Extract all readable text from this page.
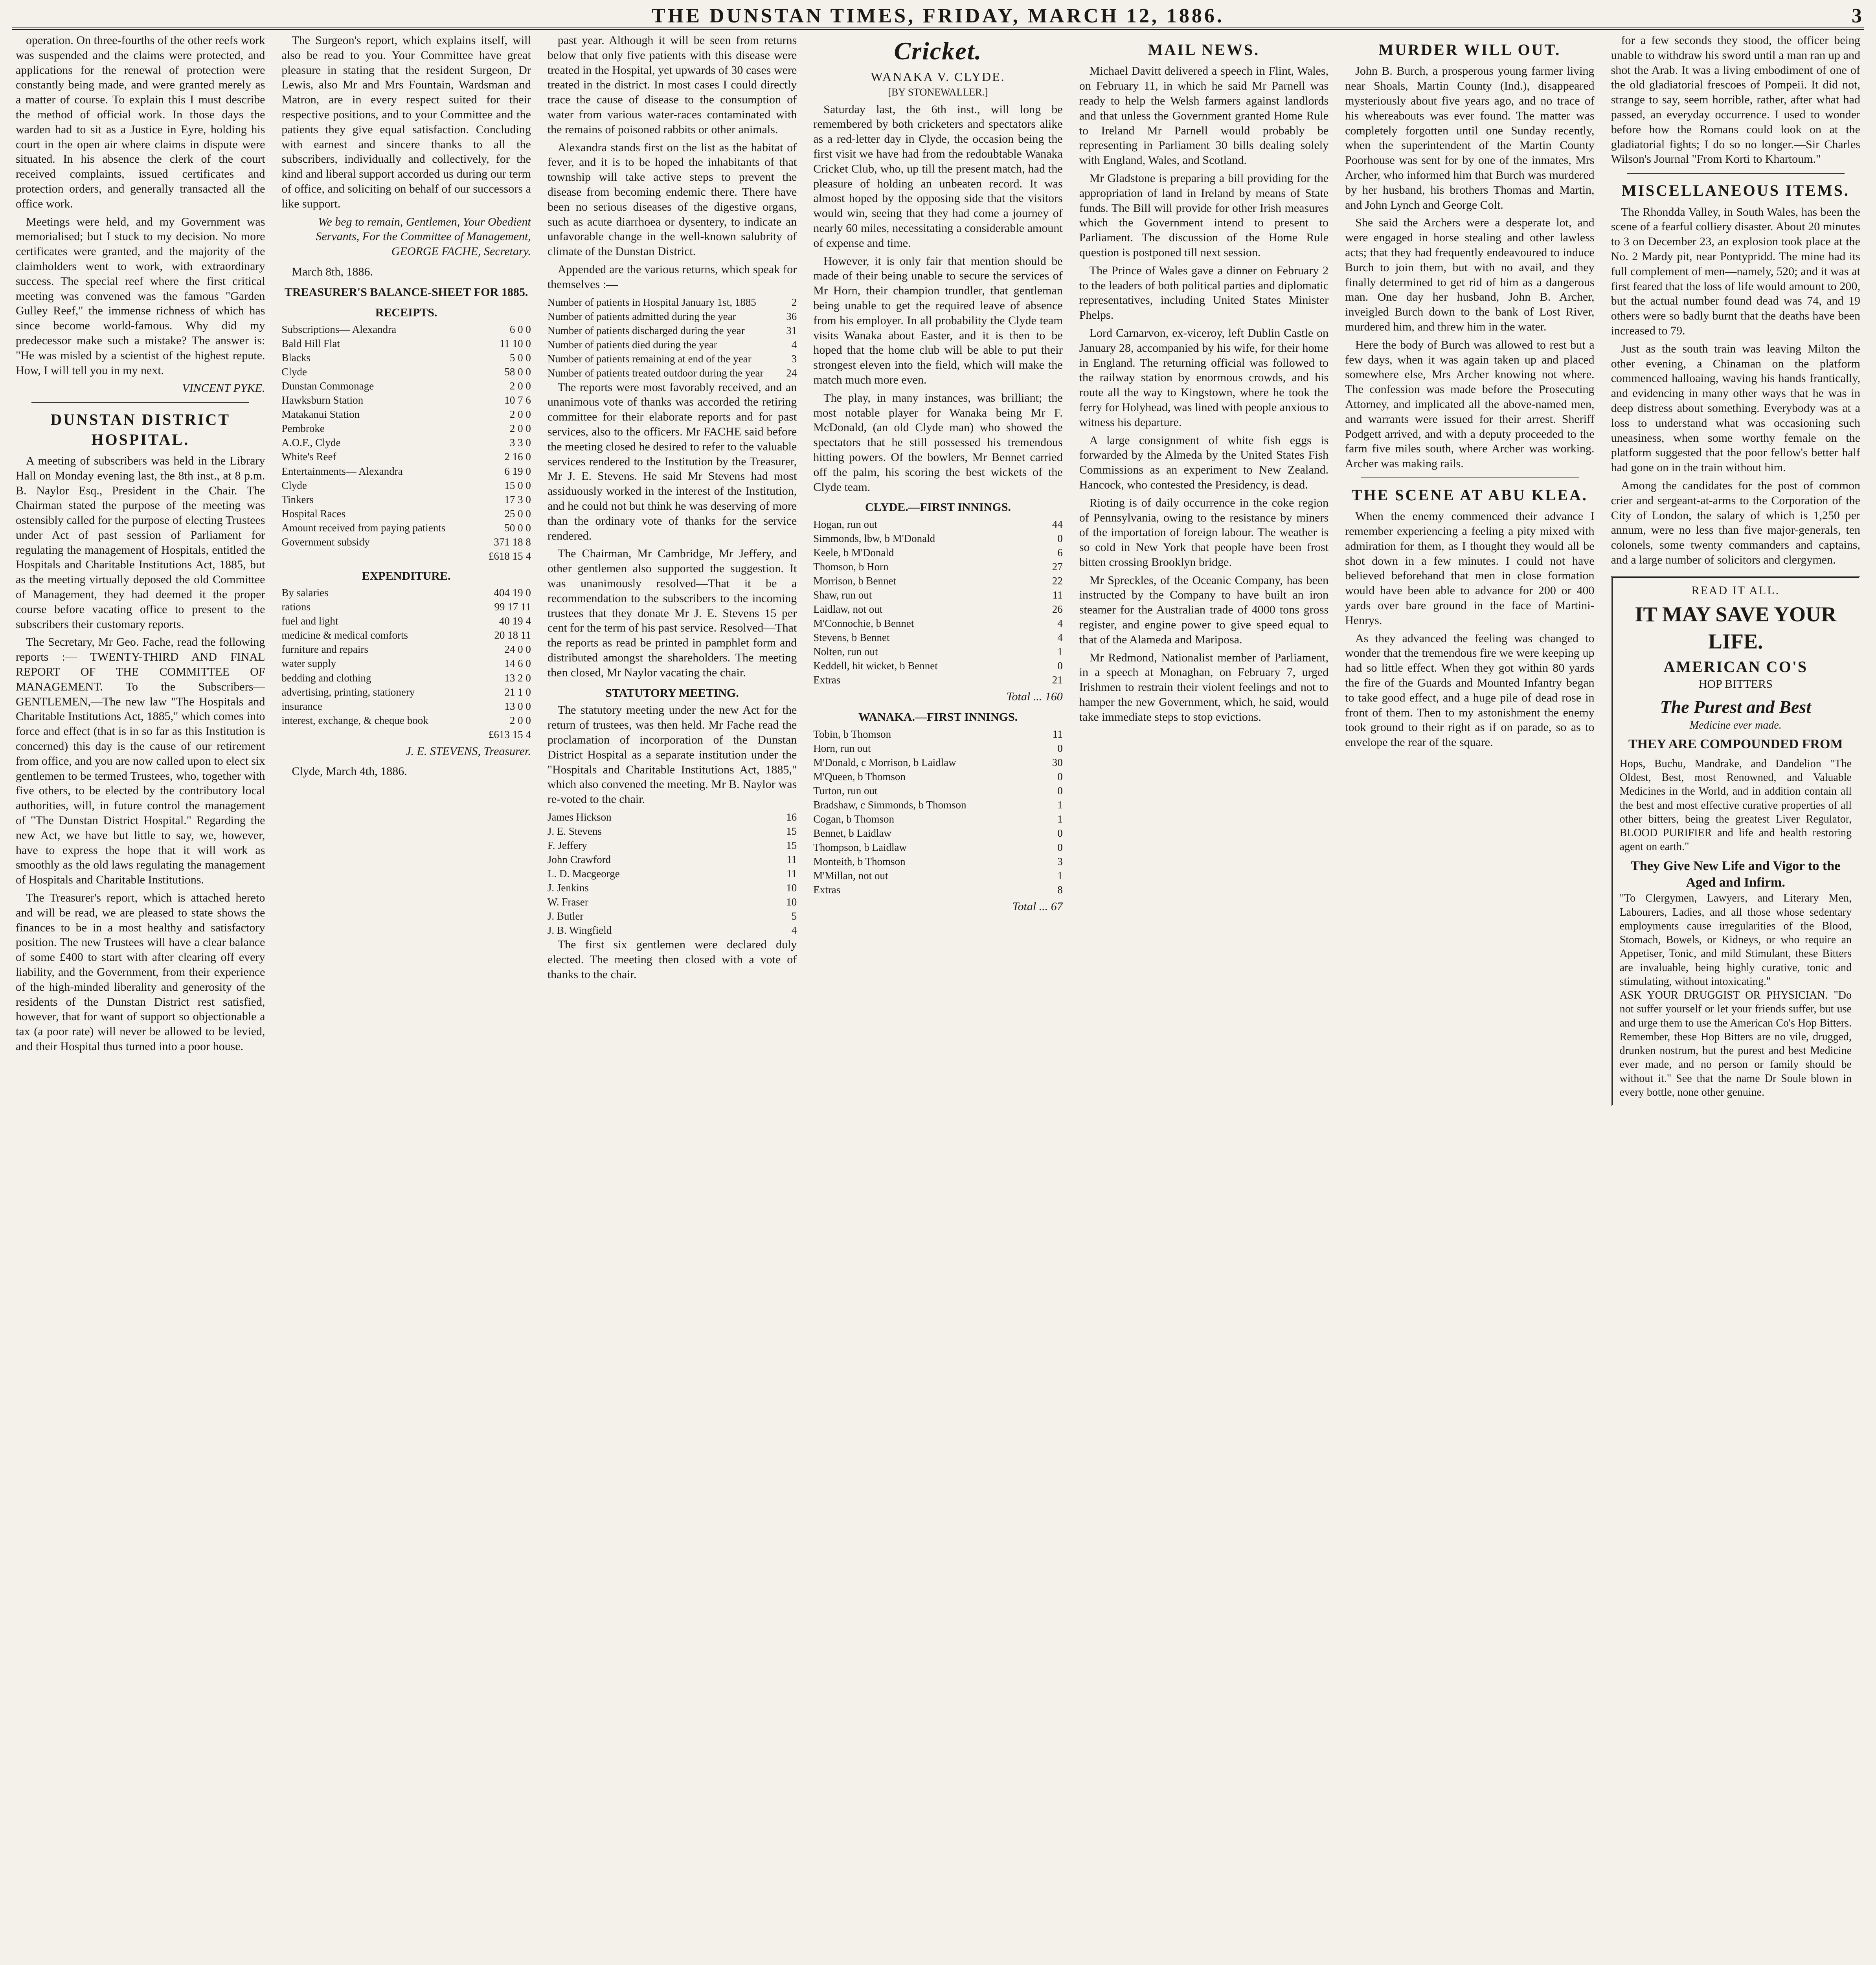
THE DUNSTAN TIMES, FRIDAY, MARCH 12, 1886.	3

operation. On three-fourths of the other reefs work was suspended and the claims were protected, and applications for the renewal of protection were constantly being made, and were granted merely as a matter of course. To explain this I must describe the method of official work. In those days the warden had to sit as a Justice in Eyre, holding his court in the open air where claims in dispute were situated. In his absence the clerk of the court received complaints, issued certificates and protection orders, and generally transacted all the office work.

Meetings were held, and my Government was memorialised; but I stuck to my decision. No more certificates were granted, and the majority of the claimholders went to work, with extraordinary success. The special reef where the first critical meeting was convened was the famous "Garden Gulley Reef," the immense richness of which has since become world-famous. Why did my predecessor make such a mistake? The answer is: "He was misled by a scientist of the highest repute. How, I will tell you in my next.

VINCENT PYKE.

DUNSTAN DISTRICT HOSPITAL.

A meeting of subscribers was held in the Library Hall on Monday evening last, the 8th inst., at 8 p.m. B. Naylor Esq., President in the Chair. The Chairman stated the purpose of the meeting was ostensibly called for the purpose of electing Trustees under Act of past session of Parliament for regulating the management of Hospitals, entitled the Hospitals and Charitable Institutions Act, 1885, but as the meeting virtually deposed the old Committee of Management, they had deemed it the proper course before vacating office to present to the subscribers their customary reports.

The Secretary, Mr Geo. Fache, read the following reports :— TWENTY-THIRD AND FINAL REPORT OF THE COMMITTEE OF MANAGEMENT. To the Subscribers— GENTLEMEN,—The new law "The Hospitals and Charitable Institutions Act, 1885," which comes into force and effect (that is in so far as this Institution is concerned) this day is the cause of our retirement from office, and you are now called upon to elect six gentlemen to be termed Trustees, who, together with five others, to be elected by the contributory local authorities, will, in future control the management of "The Dunstan District Hospital." Regarding the new Act, we have but little to say, we, however, have to express the hope that it will work as smoothly as the old laws regulating the management of Hospitals and Charitable Institutions.

The Treasurer's report, which is attached hereto and will be read, we are pleased to state shows the finances to be in a most healthy and satisfactory position. The new Trustees will have a clear balance of some £400 to start with after clearing off every liability, and the Government, from their experience of the high-minded liberality and generosity of the residents of the Dunstan District rest satisfied, however, that for want of support so objectionable a tax (a poor rate) will never be allowed to be levied, and their Hospital thus turned into a poor house.

The Surgeon's report, which explains itself, will also be read to you. Your Committee have great pleasure in stating that the resident Surgeon, Dr Lewis, also Mr and Mrs Fountain, Wardsman and Matron, are in every respect suited for their respective positions, and to your Committee and the patients they give equal satisfaction. Concluding with earnest and sincere thanks to all the subscribers, individually and collectively, for the kind and liberal support accorded us during our term of office, and soliciting on behalf of our successors a like support.

We beg to remain, Gentlemen, Your Obedient Servants, For the Committee of Management, GEORGE FACHE, Secretary.

March 8th, 1886.

TREASURER'S BALANCE-SHEET FOR 1885.

RECEIPTS.

Subscriptions— Alexandra	6 0 0
Bald Hill Flat	11 10 0
Blacks	5 0 0
Clyde	58 0 0
Dunstan Commonage	2 0 0
Hawksburn Station	10 7 6
Matakanui Station	2 0 0
Pembroke	2 0 0
A.O.F., Clyde	3 3 0
White's Reef	2 16 0
Entertainments— Alexandra	6 19 0
Clyde	15 0 0
Tinkers	17 3 0
Hospital Races	25 0 0
Amount received from paying patients	50 0 0
Government subsidy	371 18 8
	£618 15 4

EXPENDITURE.

By salaries	404 19 0
rations	99 17 11
fuel and light	40 19 4
medicine & medical comforts	20 18 11
furniture and repairs	24 0 0
water supply	14 6 0
bedding and clothing	13 2 0
advertising, printing, stationery	21 1 0
insurance	13 0 0
interest, exchange, & cheque book	2 0 0
	£613 15 4

J. E. STEVENS, Treasurer.

Clyde, March 4th, 1886.

past year. Although it will be seen from returns below that only five patients with this disease were treated in the Hospital, yet upwards of 30 cases were treated in the district. In most cases I could directly trace the cause of disease to the consumption of water from various water-races contaminated with the remains of poisoned rabbits or other animals.

Alexandra stands first on the list as the habitat of fever, and it is to be hoped the inhabitants of that township will take active steps to prevent the disease from becoming endemic there. There have been no serious diseases of the digestive organs, such as acute diarrhoea or dysentery, to indicate an unfavorable change in the well-known salubrity of climate of the Dunstan District.

Appended are the various returns, which speak for themselves :—

Number of patients in Hospital January 1st, 1885	2
Number of patients admitted during the year	36
Number of patients discharged during the year	31
Number of patients died during the year	4
Number of patients remaining at end of the year	3
Number of patients treated outdoor during the year	24

The reports were most favorably received, and an unanimous vote of thanks was accorded the retiring committee for their elaborate reports and for past services, also to the officers. Mr FACHE said before the meeting closed he desired to refer to the valuable services rendered to the Institution by the Treasurer, Mr J. E. Stevens. He said Mr Stevens had most assiduously worked in the interest of the Institution, and he could not but think he was deserving of more than the ordinary vote of thanks for the service rendered.

The Chairman, Mr Cambridge, Mr Jeffery, and other gentlemen also supported the suggestion. It was unanimously resolved—That it be a recommendation to the subscribers to the incoming trustees that they donate Mr J. E. Stevens 15 per cent for the term of his past service. Resolved—That the reports as read be printed in pamphlet form and distributed amongst the shareholders. The meeting then closed, Mr Naylor vacating the chair.

STATUTORY MEETING.

The statutory meeting under the new Act for the return of trustees, was then held. Mr Fache read the proclamation of incorporation of the Dunstan District Hospital as a separate institution under the "Hospitals and Charitable Institutions Act, 1885," which also convened the meeting. Mr B. Naylor was re-voted to the chair.

James Hickson	16
J. E. Stevens	15
F. Jeffery	15
John Crawford	11
L. D. Macgeorge	11
J. Jenkins	10
W. Fraser	10
J. Butler	5
J. B. Wingfield	4

The first six gentlemen were declared duly elected. The meeting then closed with a vote of thanks to the chair.

Cricket.

WANAKA V. CLYDE.

[BY STONEWALLER.]

Saturday last, the 6th inst., will long be remembered by both cricketers and spectators alike as a red-letter day in Clyde, the occasion being the first visit we have had from the redoubtable Wanaka Cricket Club, who, up till the present match, had the pleasure of holding an unbeaten record. It was almost hoped by the opposing side that the visitors would win, seeing that they had come a journey of nearly 60 miles, necessitating a considerable amount of expense and time.

However, it is only fair that mention should be made of their being unable to secure the services of Mr Horn, their champion trundler, that gentleman being unable to get the required leave of absence from his employer. In all probability the Clyde team visits Wanaka about Easter, and it is then to be hoped that the home club will be able to put their strongest eleven into the field, which will make the match much more even.

The play, in many instances, was brilliant; the most notable player for Wanaka being Mr F. McDonald, (an old Clyde man) who showed the spectators that he still possessed his tremendous hitting powers. Of the bowlers, Mr Bennet carried off the palm, his scoring the best wickets of the Clyde team.

CLYDE.—FIRST INNINGS.

Hogan, run out	44
Simmonds, lbw, b M'Donald	0
Keele, b M'Donald	6
Thomson, b Horn	27
Morrison, b Bennet	22
Shaw, run out	11
Laidlaw, not out	26
M'Connochie, b Bennet	4
Stevens, b Bennet	4
Nolten, run out	1
Keddell, hit wicket, b Bennet	0
Extras	21

Total ... 160

WANAKA.—FIRST INNINGS.

Tobin, b Thomson	11
Horn, run out	0
M'Donald, c Morrison, b Laidlaw	30
M'Queen, b Thomson	0
Turton, run out	0
Bradshaw, c Simmonds, b Thomson	1
Cogan, b Thomson	1
Bennet, b Laidlaw	0
Thompson, b Laidlaw	0
Monteith, b Thomson	3
M'Millan, not out	1
Extras	8

Total ... 67

MAIL NEWS.

Michael Davitt delivered a speech in Flint, Wales, on February 11, in which he said Mr Parnell was ready to help the Welsh farmers against landlords and that unless the Government granted Home Rule to Ireland Mr Parnell would probably be representing in Parliament 30 bills dealing solely with England, Wales, and Scotland.

Mr Gladstone is preparing a bill providing for the appropriation of land in Ireland by means of State funds. The Bill will provide for other Irish measures which the Government intend to present to Parliament. The discussion of the Home Rule question is postponed till next session.

The Prince of Wales gave a dinner on February 2 to the leaders of both political parties and diplomatic representatives, including United States Minister Phelps.

Lord Carnarvon, ex-viceroy, left Dublin Castle on January 28, accompanied by his wife, for their home in England. The returning official was followed to the railway station by enormous crowds, and his route all the way to Kingstown, where he took the ferry for Holyhead, was lined with people anxious to witness his departure.

A large consignment of white fish eggs is forwarded by the Almeda by the United States Fish Commissions as an experiment to New Zealand. Hancock, who contested the Presidency, is dead.

Rioting is of daily occurrence in the coke region of Pennsylvania, owing to the resistance by miners of the importation of foreign labour. The weather is so cold in New York that people have been frost bitten crossing Brooklyn bridge.

Mr Spreckles, of the Oceanic Company, has been instructed by the Company to have built an iron steamer for the Australian trade of 4000 tons gross register, and engine power to give speed equal to that of the Alameda and Mariposa.

Mr Redmond, Nationalist member of Parliament, in a speech at Monaghan, on February 7, urged Irishmen to restrain their violent feelings and not to hamper the new Government, which, he said, would take immediate steps to stop evictions.

MURDER WILL OUT.

John B. Burch, a prosperous young farmer living near Shoals, Martin County (Ind.), disappeared mysteriously about five years ago, and no trace of his whereabouts was ever found. The matter was completely forgotten until one Sunday recently, when the superintendent of the Martin County Poorhouse was sent for by one of the inmates, Mrs Archer, who informed him that Burch was murdered by her husband, his brothers Thomas and Martin, and John Lynch and George Colt.

She said the Archers were a desperate lot, and were engaged in horse stealing and other lawless acts; that they had frequently endeavoured to induce Burch to join them, but with no avail, and they finally determined to get rid of him as a dangerous man. One day her husband, John B. Archer, inveigled Burch down to the bank of Lost River, murdered him, and threw him in the water.

Here the body of Burch was allowed to rest but a few days, when it was again taken up and placed somewhere else, Mrs Archer knowing not where. The confession was made before the Prosecuting Attorney, and implicated all the above-named men, and warrants were issued for their arrest. Sheriff Podgett arrived, and with a deputy proceeded to the farm five miles south, where Archer was working. Archer was making rails.

THE SCENE AT ABU KLEA.

When the enemy commenced their advance I remember experiencing a feeling a pity mixed with admiration for them, as I thought they would all be shot down in a few minutes. I could not have believed beforehand that men in close formation would have been able to advance for 200 or 400 yards over bare ground in the face of Martini-Henrys.

As they advanced the feeling was changed to wonder that the tremendous fire we were keeping up had so little effect. When they got within 80 yards the fire of the Guards and Mounted Infantry began to take good effect, and a huge pile of dead rose in front of them. Then to my astonishment the enemy took ground to their right as if on parade, so as to envelope the rear of the square.

for a few seconds they stood, the officer being unable to withdraw his sword until a man ran up and shot the Arab. It was a living embodiment of one of the old gladiatorial frescoes of Pompeii. It did not, strange to say, seem horrible, rather, after what had passed, an everyday occurrence. I used to wonder before how the Romans could look on at the gladiatorial fights; I do so no longer.—Sir Charles Wilson's Journal "From Korti to Khartoum."

MISCELLANEOUS ITEMS.

The Rhondda Valley, in South Wales, has been the scene of a fearful colliery disaster. About 20 minutes to 3 on December 23, an explosion took place at the No. 2 Mardy pit, near Pontypridd. The mine had its full complement of men—namely, 520; and it was at first feared that the loss of life would amount to 200, but the actual number found dead was 74, and 19 others were so badly burnt that the deaths have been increased to 79.

Just as the south train was leaving Milton the other evening, a Chinaman on the platform commenced halloaing, waving his hands frantically, and evidencing in many other ways that he was in deep distress about something. Everybody was at a loss to understand what was occasioning such uneasiness, when some worthy female on the platform suggested that the poor fellow's better half had gone on in the train without him.

Among the candidates for the post of common crier and sergeant-at-arms to the Corporation of the City of London, the salary of which is 1,250 per annum, were no less than five major-generals, ten colonels, some twenty commanders and captains, and a large number of solicitors and clergymen.

READ IT ALL.
IT MAY SAVE YOUR LIFE.
AMERICAN CO'S
HOP BITTERS
The Purest and Best
Medicine ever made.
THEY ARE COMPOUNDED FROM
Hops, Buchu, Mandrake, and Dandelion "The Oldest, Best, most Renowned, and Valuable Medicines in the World, and in addition contain all the best and most effective curative properties of all other bitters, being the greatest Liver Regulator, BLOOD PURIFIER and life and health restoring agent on earth."
They Give New Life and Vigor to the Aged and Infirm.
"To Clergymen, Lawyers, and Literary Men, Labourers, Ladies, and all those whose sedentary employments cause irregularities of the Blood, Stomach, Bowels, or Kidneys, or who require an Appetiser, Tonic, and mild Stimulant, these Bitters are invaluable, being highly curative, tonic and stimulating, without intoxicating."
ASK YOUR DRUGGIST OR PHYSICIAN. "Do not suffer yourself or let your friends suffer, but use and urge them to use the American Co's Hop Bitters. Remember, these Hop Bitters are no vile, drugged, drunken nostrum, but the purest and best Medicine ever made, and no person or family should be without it." See that the name Dr Soule blown in every bottle, none other genuine.
